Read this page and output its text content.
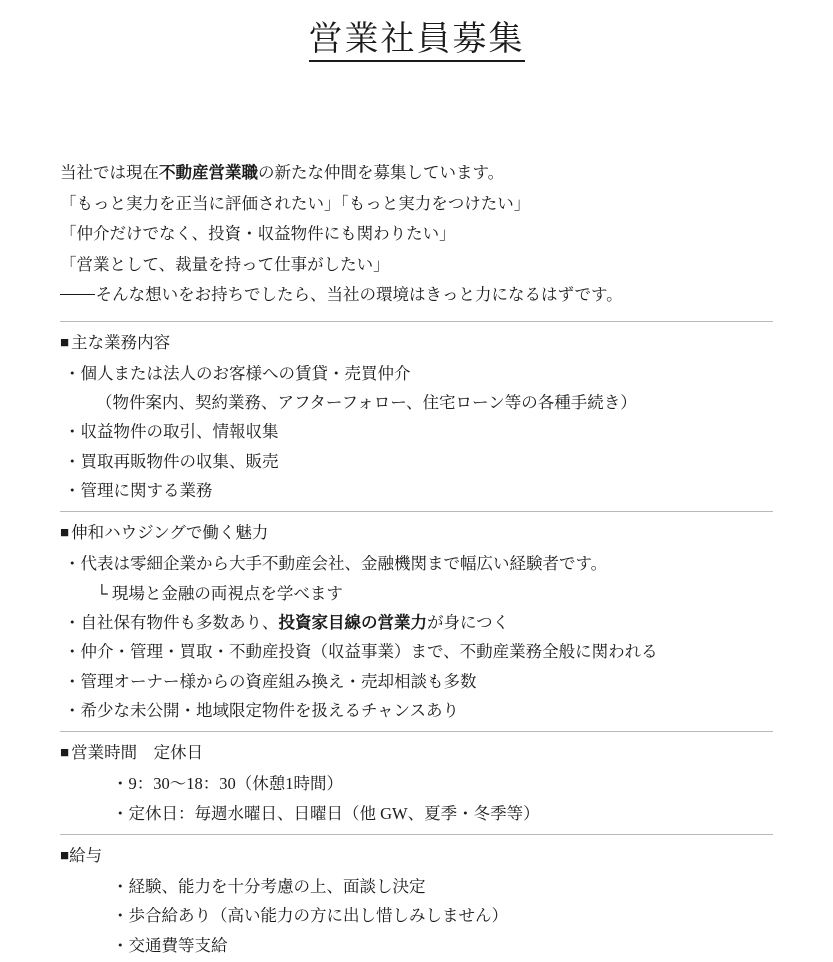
営業社員募集
当社では現在不動産営業職の新たな仲間を募集しています。
「もっと実力を正当に評価されたい」「もっと実力をつけたい」
「仲介だけでなく、投資・収益物件にも関わりたい」
「営業として、裁量を持って仕事がしたい」
そんな想いをお持ちでしたら、当社の環境はきっと力になるはずです。
■ 主な業務内容
・個人または法人のお客様への賃貸・売買仲介
（物件案内、契約業務、アフターフォロー、住宅ローン等の各種手続き）
・収益物件の取引、情報収集
・買取再販物件の収集、販売
・管理に関する業務
■ 伸和ハウジングで働く魅力
・代表は零細企業から大手不動産会社、金融機関まで幅広い経験者です。
└ 現場と金融の両視点を学べます
・自社保有物件も多数あり、投資家目線の営業力が身につく
・仲介・管理・買取・不動産投資（収益事業）まで、不動産業務全般に関われる
・管理オーナー様からの資産組み換え・売却相談も多数
・希少な未公開・地域限定物件を扱えるチャンスあり
■ 営業時間　定休日
・9：30〜18：30（休憩1時間）
・定休日：毎週水曜日、日曜日（他 GW、夏季・冬季等）
■給与
・経験、能力を十分考慮の上、面談し決定
・歩合給あり（高い能力の方に出し惜しみしません）
・交通費等支給
